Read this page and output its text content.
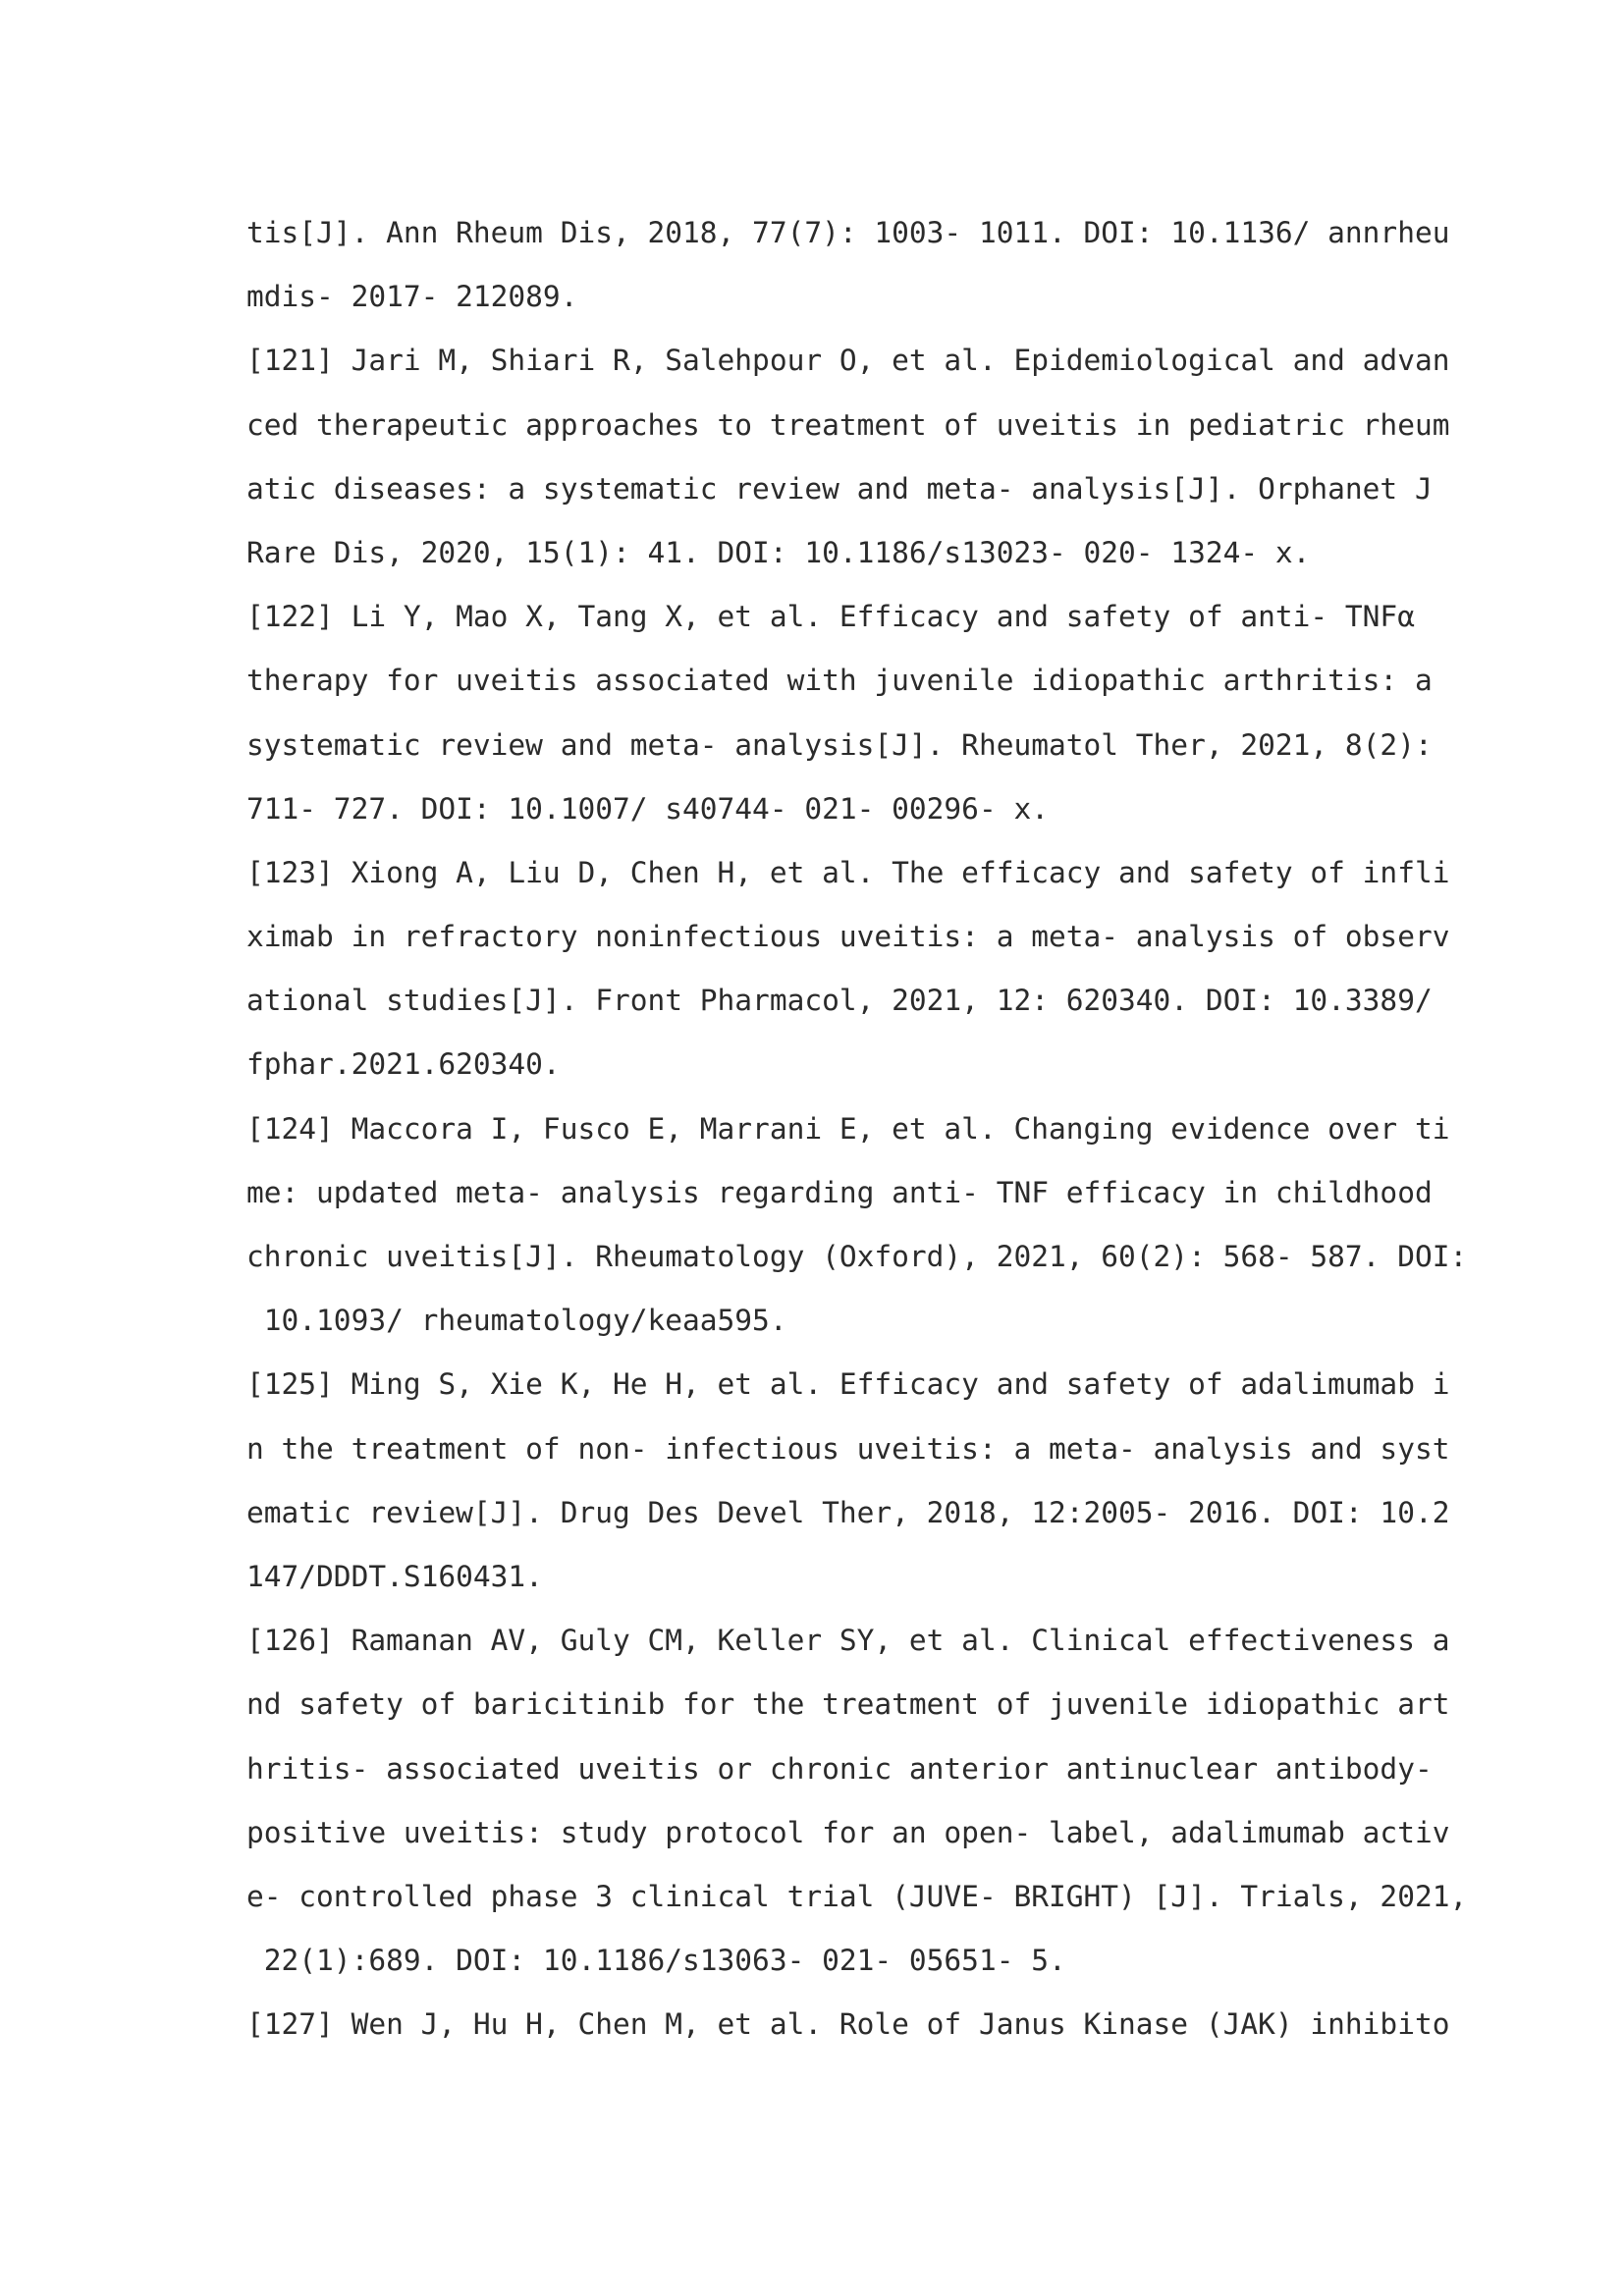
tis[J]. Ann Rheum Dis, 2018, 77(7): 1003- 1011. DOI: 10.1136/ annrheu
mdis- 2017- 212089.
[121] Jari M, Shiari R, Salehpour O, et al. Epidemiological and advan
ced therapeutic approaches to treatment of uveitis in pediatric rheum
atic diseases: a systematic review and meta- analysis[J]. Orphanet J
Rare Dis, 2020, 15(1): 41. DOI: 10.1186/s13023- 020- 1324- x.
[122] Li Y, Mao X, Tang X, et al. Efficacy and safety of anti- TNFα
therapy for uveitis associated with juvenile idiopathic arthritis: a
systematic review and meta- analysis[J]. Rheumatol Ther, 2021, 8(2):
711- 727. DOI: 10.1007/ s40744- 021- 00296- x.
[123] Xiong A, Liu D, Chen H, et al. The efficacy and safety of infli
ximab in refractory noninfectious uveitis: a meta- analysis of observ
ational studies[J]. Front Pharmacol, 2021, 12: 620340. DOI: 10.3389/
fphar.2021.620340.
[124] Maccora I, Fusco E, Marrani E, et al. Changing evidence over ti
me: updated meta- analysis regarding anti- TNF efficacy in childhood
chronic uveitis[J]. Rheumatology (Oxford), 2021, 60(2): 568- 587. DOI:
10.1093/ rheumatology/keaa595.
[125] Ming S, Xie K, He H, et al. Efficacy and safety of adalimumab i
n the treatment of non- infectious uveitis: a meta- analysis and syst
ematic review[J]. Drug Des Devel Ther, 2018, 12:2005- 2016. DOI: 10.2
147/DDDT.S160431.
[126] Ramanan AV, Guly CM, Keller SY, et al. Clinical effectiveness a
nd safety of baricitinib for the treatment of juvenile idiopathic art
hritis- associated uveitis or chronic anterior antinuclear antibody-
positive uveitis: study protocol for an open- label, adalimumab activ
e- controlled phase 3 clinical trial (JUVE- BRIGHT) [J]. Trials, 2021,
22(1):689. DOI: 10.1186/s13063- 021- 05651- 5.
[127] Wen J, Hu H, Chen M, et al. Role of Janus Kinase (JAK) inhibito
